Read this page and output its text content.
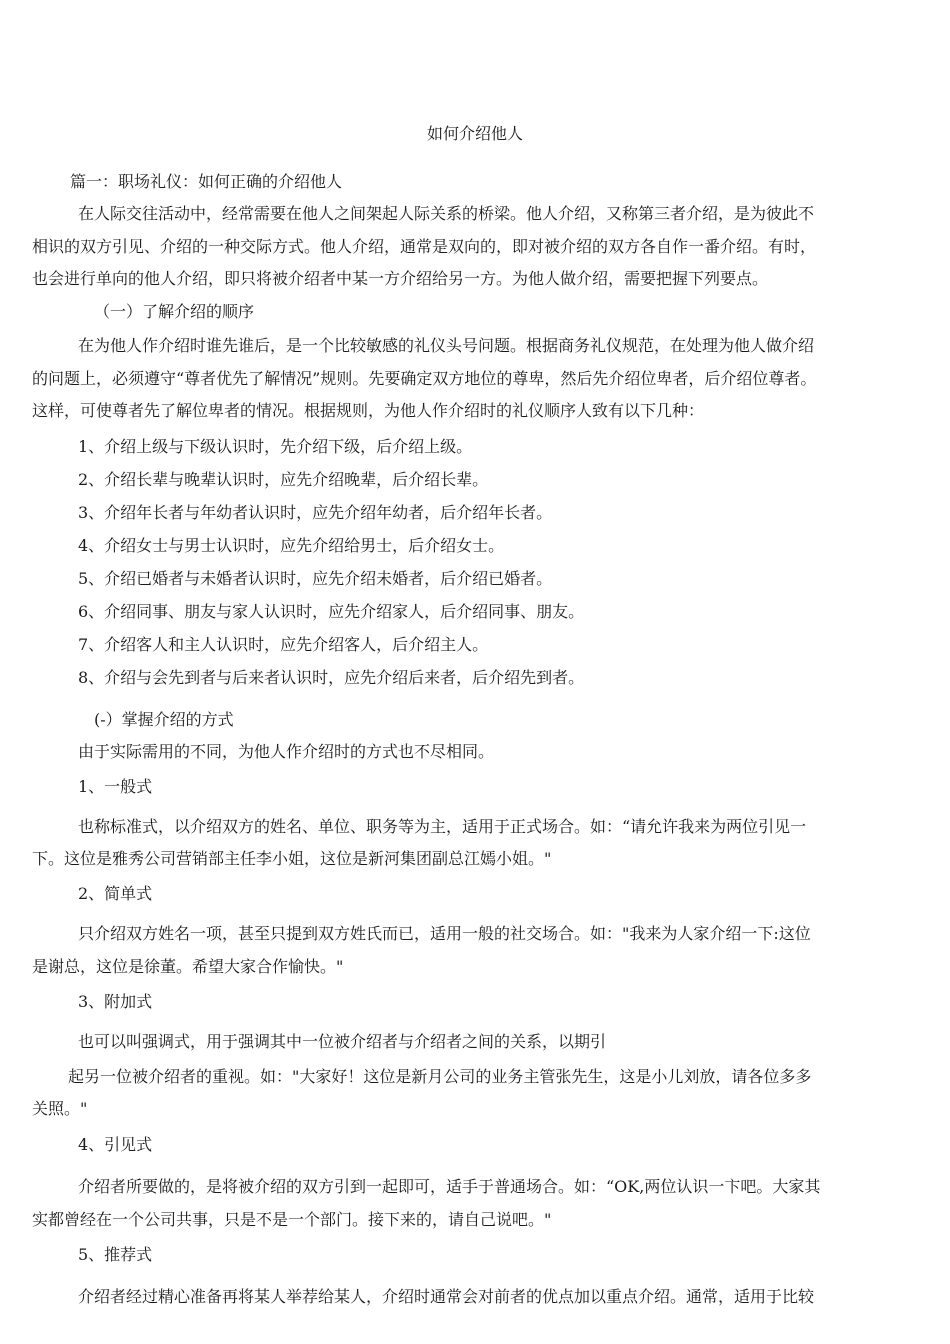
如何介绍他人
篇一：职场礼仪：如何正确的介绍他人
在人际交往活动中，经常需要在他人之间架起人际关系的桥梁。他人介绍，又称第三者介绍，是为彼此不
相识的双方引见、介绍的一种交际方式。他人介绍，通常是双向的，即对被介绍的双方各自作一番介绍。有时，
也会进行单向的他人介绍，即只将被介绍者中某一方介绍给另一方。为他人做介绍，需要把握下列要点。
（一）了解介绍的顺序
在为他人作介绍时谁先谁后，是一个比较敏感的礼仪头号问题。根据商务礼仪规范，在处理为他人做介绍
的问题上，必须遵守“尊者优先了解情况”规则。先要确定双方地位的尊卑，然后先介绍位卑者，后介绍位尊者。
这样，可使尊者先了解位卑者的情况。根据规则，为他人作介绍时的礼仪顺序人致有以下几种：
1、介绍上级与下级认识时，先介绍下级，后介绍上级。
2、介绍长辈与晚辈认识时，应先介绍晚辈，后介绍长辈。
3、介绍年长者与年幼者认识时，应先介绍年幼者，后介绍年长者。
4、介绍女士与男士认识时，应先介绍给男士，后介绍女士。
5、介绍已婚者与未婚者认识时，应先介绍未婚者，后介绍已婚者。
6、介绍同事、朋友与家人认识时，应先介绍家人，后介绍同事、朋友。
7、介绍客人和主人认识时，应先介绍客人，后介绍主人。
8、介绍与会先到者与后来者认识时，应先介绍后来者，后介绍先到者。
(-）掌握介绍的方式
由于实际需用的不同，为他人作介绍时的方式也不尽相同。
1、一般式
也称标准式，以介绍双方的姓名、单位、职务等为主，适用于正式场合。如：“请允许我来为两位引见一
下。这位是雅秀公司营销部主任李小姐，这位是新河集团副总江嫣小姐。"
2、简单式
只介绍双方姓名一项，甚至只提到双方姓氏而已，适用一般的社交场合。如："我来为人家介绍一下:这位
是谢总，这位是徐董。希望大家合作愉快。"
3、附加式
也可以叫强调式，用于强调其中一位被介绍者与介绍者之间的关系，以期引
起另一位被介绍者的重视。如："大家好！这位是新月公司的业务主管张先生，这是小儿刘放，请各位多多
关照。"
4、引见式
介绍者所要做的，是将被介绍的双方引到一起即可，适手于普通场合。如：“OK,两位认识一卞吧。大家其
实都曾经在一个公司共事，只是不是一个部门。接下来的，请自己说吧。"
5、推荐式
介绍者经过精心准备再将某人举荐给某人，介绍时通常会对前者的优点加以重点介绍。通常，适用于比较
